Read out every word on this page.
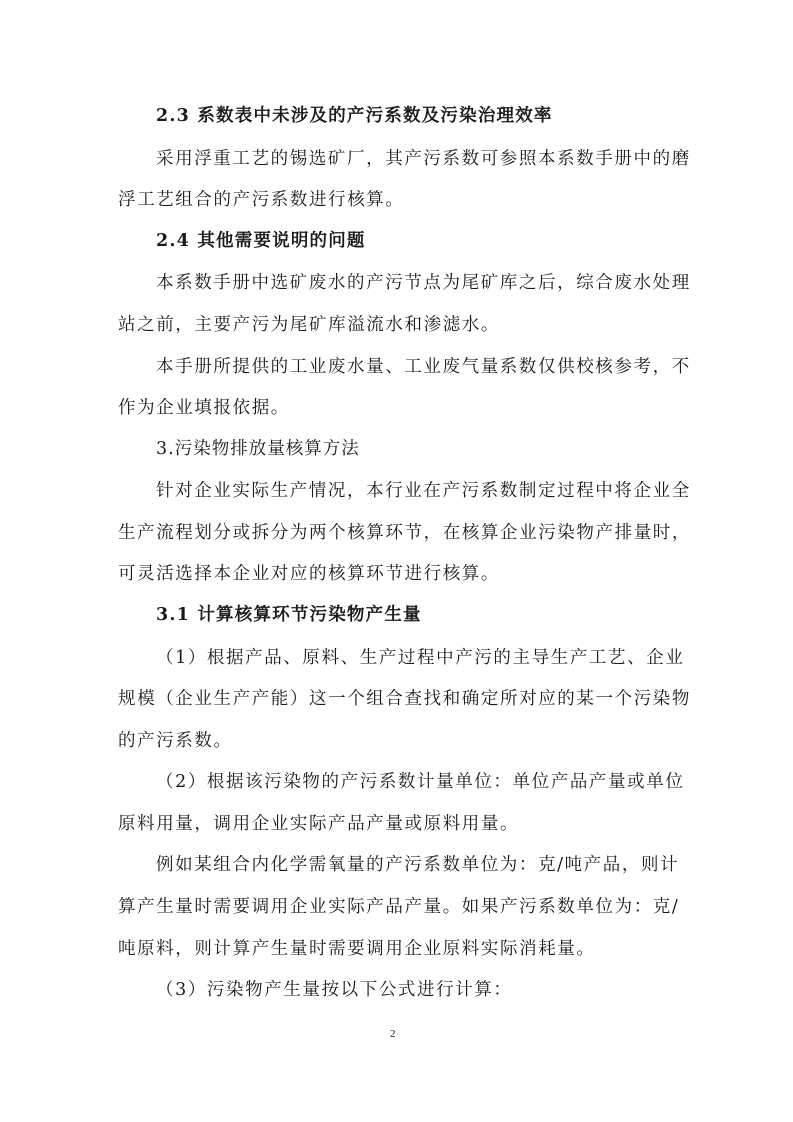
2.3 系数表中未涉及的产污系数及污染治理效率
采用浮重工艺的锡选矿厂，其产污系数可参照本系数手册中的磨
浮工艺组合的产污系数进行核算。
2.4 其他需要说明的问题
本系数手册中选矿废水的产污节点为尾矿库之后，综合废水处理
站之前，主要产污为尾矿库溢流水和渗滤水。
本手册所提供的工业废水量、工业废气量系数仅供校核参考，不
作为企业填报依据。
3.污染物排放量核算方法
针对企业实际生产情况，本行业在产污系数制定过程中将企业全
生产流程划分或拆分为两个核算环节，在核算企业污染物产排量时，
可灵活选择本企业对应的核算环节进行核算。
3.1 计算核算环节污染物产生量
（1）根据产品、原料、生产过程中产污的主导生产工艺、企业
规模（企业生产产能）这一个组合查找和确定所对应的某一个污染物
的产污系数。
（2）根据该污染物的产污系数计量单位：单位产品产量或单位
原料用量，调用企业实际产品产量或原料用量。
例如某组合内化学需氧量的产污系数单位为：克/吨产品，则计
算产生量时需要调用企业实际产品产量。如果产污系数单位为：克/
吨原料，则计算产生量时需要调用企业原料实际消耗量。
（3）污染物产生量按以下公式进行计算：
2
